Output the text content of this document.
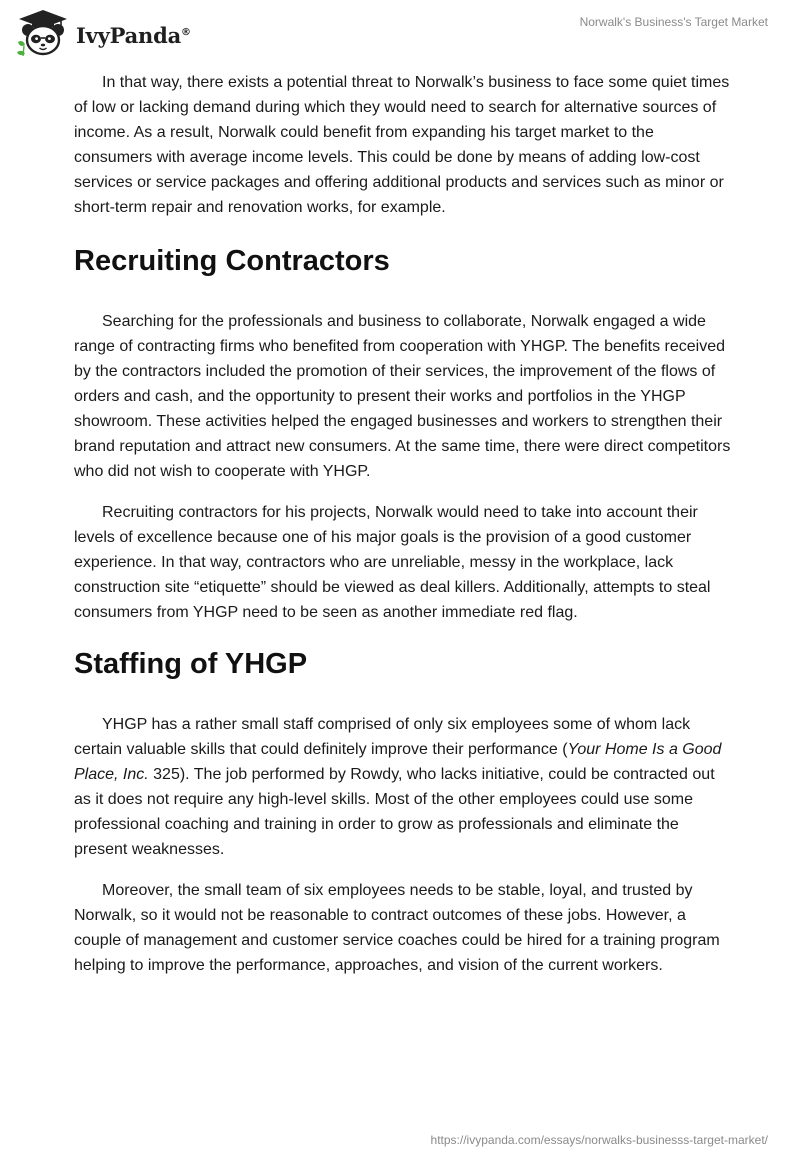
IvyPanda®
Norwalk's Business's Target Market

In that way, there exists a potential threat to Norwalk’s business to face some quiet times of low or lacking demand during which they would need to search for alternative sources of income. As a result, Norwalk could benefit from expanding his target market to the consumers with average income levels. This could be done by means of adding low-cost services or service packages and offering additional products and services such as minor or short-term repair and renovation works, for example.

Recruiting Contractors

Searching for the professionals and business to collaborate, Norwalk engaged a wide range of contracting firms who benefited from cooperation with YHGP. The benefits received by the contractors included the promotion of their services, the improvement of the flows of orders and cash, and the opportunity to present their works and portfolios in the YHGP showroom. These activities helped the engaged businesses and workers to strengthen their brand reputation and attract new consumers. At the same time, there were direct competitors who did not wish to cooperate with YHGP.

Recruiting contractors for his projects, Norwalk would need to take into account their levels of excellence because one of his major goals is the provision of a good customer experience. In that way, contractors who are unreliable, messy in the workplace, lack construction site “etiquette” should be viewed as deal killers. Additionally, attempts to steal consumers from YHGP need to be seen as another immediate red flag.

Staffing of YHGP

YHGP has a rather small staff comprised of only six employees some of whom lack certain valuable skills that could definitely improve their performance (Your Home Is a Good Place, Inc. 325). The job performed by Rowdy, who lacks initiative, could be contracted out as it does not require any high-level skills. Most of the other employees could use some professional coaching and training in order to grow as professionals and eliminate the present weaknesses.

Moreover, the small team of six employees needs to be stable, loyal, and trusted by Norwalk, so it would not be reasonable to contract outcomes of these jobs. However, a couple of management and customer service coaches could be hired for a training program helping to improve the performance, approaches, and vision of the current workers.

https://ivypanda.com/essays/norwalks-businesss-target-market/
